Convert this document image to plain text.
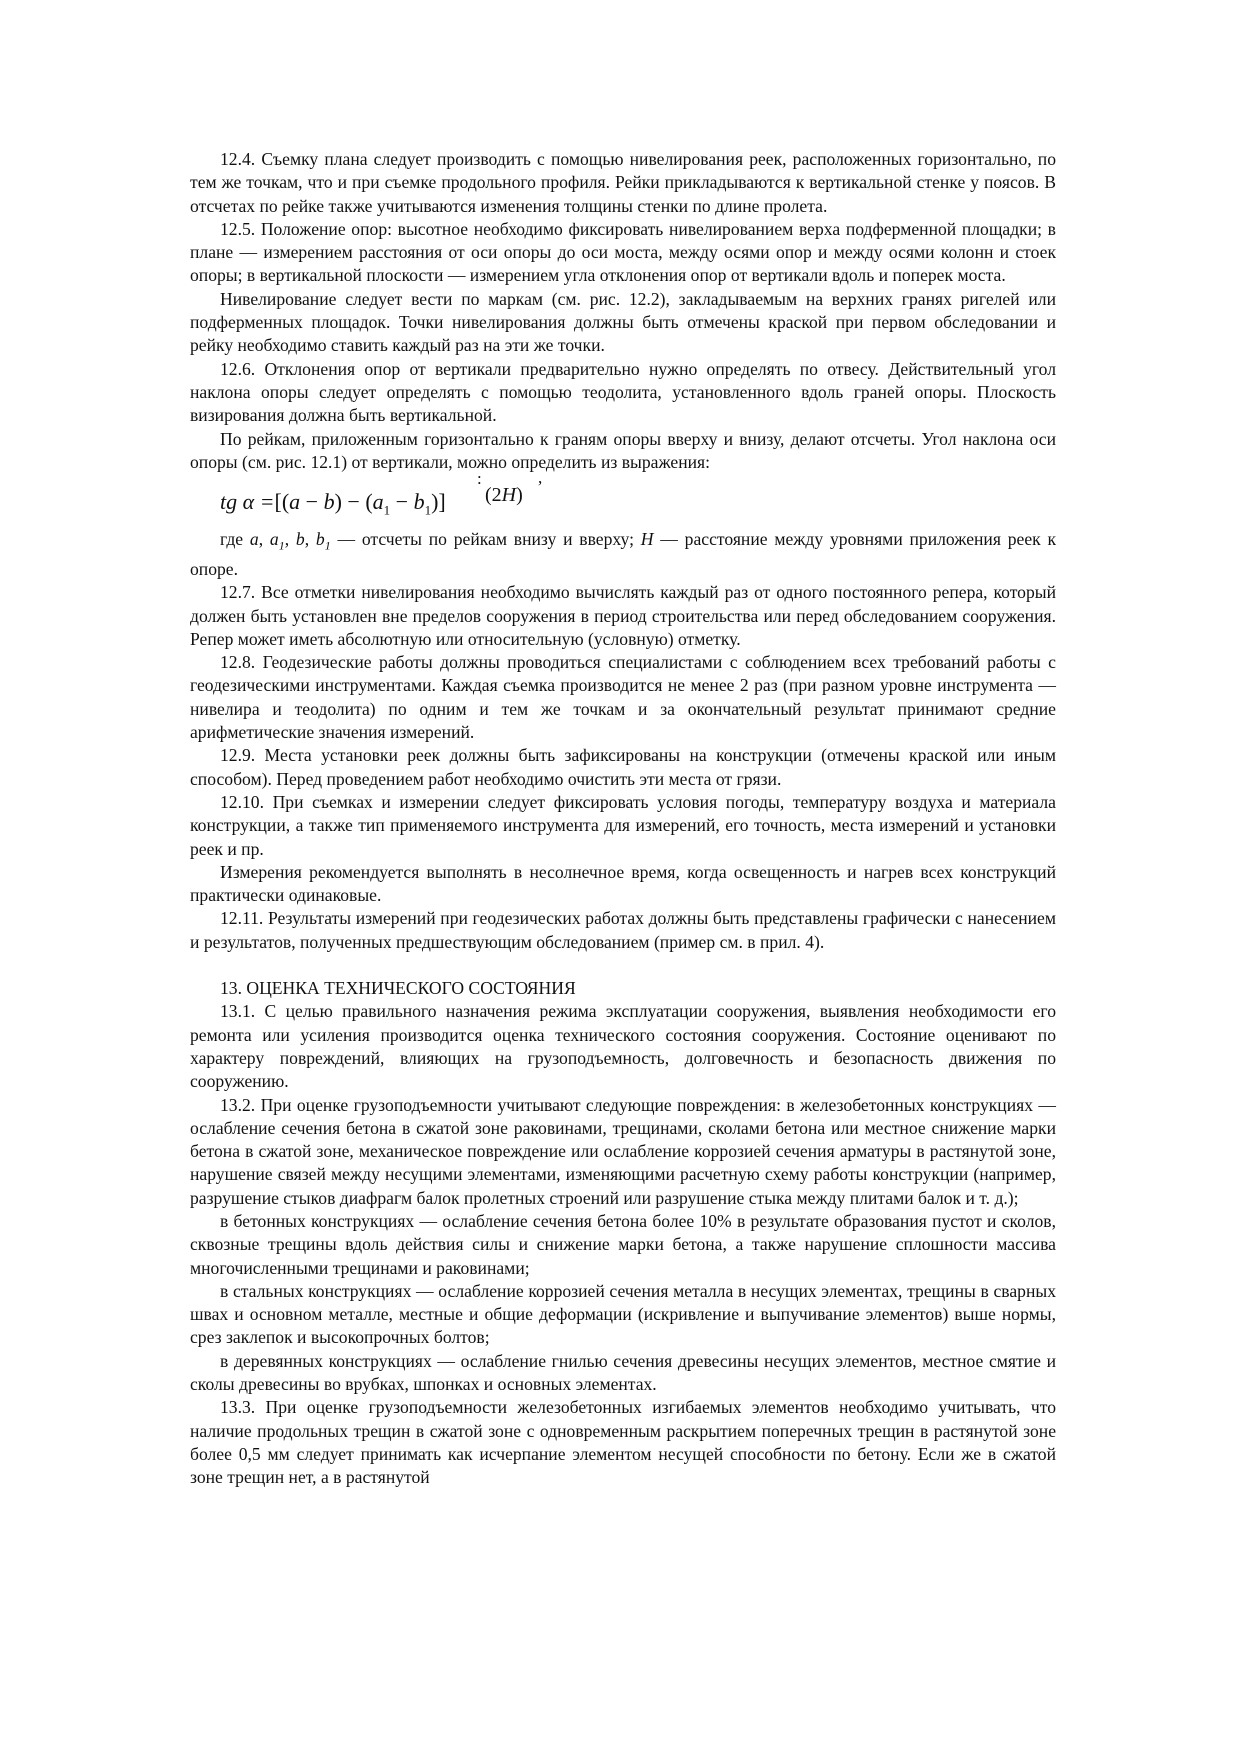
12.4. Съемку плана следует производить с помощью нивелирования реек, расположенных горизонтально, по тем же точкам, что и при съемке продольного профиля. Рейки прикладываются к вертикальной стенке у поясов. В отсчетах по рейке также учитываются изменения толщины стенки по длине пролета.

12.5. Положение опор: высотное необходимо фиксировать нивелированием верха подферменной площадки; в плане — измерением расстояния от оси опоры до оси моста, между осями опор и между осями колонн и стоек опоры; в вертикальной плоскости — измерением угла отклонения опор от вертикали вдоль и поперек моста.

Нивелирование следует вести по маркам (см. рис. 12.2), закладываемым на верхних гранях ригелей или подферменных площадок. Точки нивелирования должны быть отмечены краской при первом обследовании и рейку необходимо ставить каждый раз на эти же точки.

12.6. Отклонения опор от вертикали предварительно нужно определять по отвесу. Действительный угол наклона опоры следует определять с помощью теодолита, установленного вдоль граней опоры. Плоскость визирования должна быть вертикальной.

По рейкам, приложенным горизонтально к граням опоры вверху и внизу, делают отсчеты. Угол наклона оси опоры (см. рис. 12.1) от вертикали, можно определить из выражения:

:	,
tg $\alpha =[(a - b) - (a_1 - b_1)]$ (2H)

где a, $a_1$, b, $b_1$ — отсчеты по рейкам внизу и вверху; H — расстояние между уровнями приложения реек к опоре.

12.7. Все отметки нивелирования необходимо вычислять каждый раз от одного постоянного репера, который должен быть установлен вне пределов сооружения в период строительства или перед обследованием сооружения. Репер может иметь абсолютную или относительную (условную) отметку.

12.8. Геодезические работы должны проводиться специалистами с соблюдением всех требований работы с геодезическими инструментами. Каждая съемка производится не менее 2 раз (при разном уровне инструмента — нивелира и теодолита) по одним и тем же точкам и за окончательный результат принимают средние арифметические значения измерений.

12.9. Места установки реек должны быть зафиксированы на конструкции (отмечены краской или иным способом). Перед проведением работ необходимо очистить эти места от грязи.

12.10. При съемках и измерении следует фиксировать условия погоды, температуру воздуха и материала конструкции, а также тип применяемого инструмента для измерений, его точность, места измерений и установки реек и пр.

Измерения рекомендуется выполнять в несолнечное время, когда освещенность и нагрев всех конструкций практически одинаковые.

12.11. Результаты измерений при геодезических работах должны быть представлены графически с нанесением и результатов, полученных предшествующим обследованием (пример см. в прил. 4).

13. ОЦЕНКА ТЕХНИЧЕСКОГО СОСТОЯНИЯ

13.1. С целью правильного назначения режима эксплуатации сооружения, выявления необходимости его ремонта или усиления производится оценка технического состояния сооружения. Состояние оценивают по характеру повреждений, влияющих на грузоподъемность, долговечность и безопасность движения по сооружению.

13.2. При оценке грузоподъемности учитывают следующие повреждения: в железобетонных конструкциях — ослабление сечения бетона в сжатой зоне раковинами, трещинами, сколами бетона или местное снижение марки бетона в сжатой зоне, механическое повреждение или ослабление коррозией сечения арматуры в растянутой зоне, нарушение связей между несущими элементами, изменяющими расчетную схему работы конструкции (например, разрушение стыков диафрагм балок пролетных строений или разрушение стыка между плитами балок и т. д.);

в бетонных конструкциях — ослабление сечения бетона более 10% в результате образования пустот и сколов, сквозные трещины вдоль действия силы и снижение марки бетона, а также нарушение сплошности массива многочисленными трещинами и раковинами;

в стальных конструкциях — ослабление коррозией сечения металла в несущих элементах, трещины в сварных швах и основном металле, местные и общие деформации (искривление и выпучивание элементов) выше нормы, срез заклепок и высокопрочных болтов;

в деревянных конструкциях — ослабление гнилью сечения древесины несущих элементов, местное смятие и сколы древесины во врубках, шпонках и основных элементах.

13.3. При оценке грузоподъемности железобетонных изгибаемых элементов необходимо учитывать, что наличие продольных трещин в сжатой зоне с одновременным раскрытием поперечных трещин в растянутой зоне более 0,5 мм следует принимать как исчерпание элементом несущей способности по бетону. Если же в сжатой зоне трещин нет, а в растянутой
